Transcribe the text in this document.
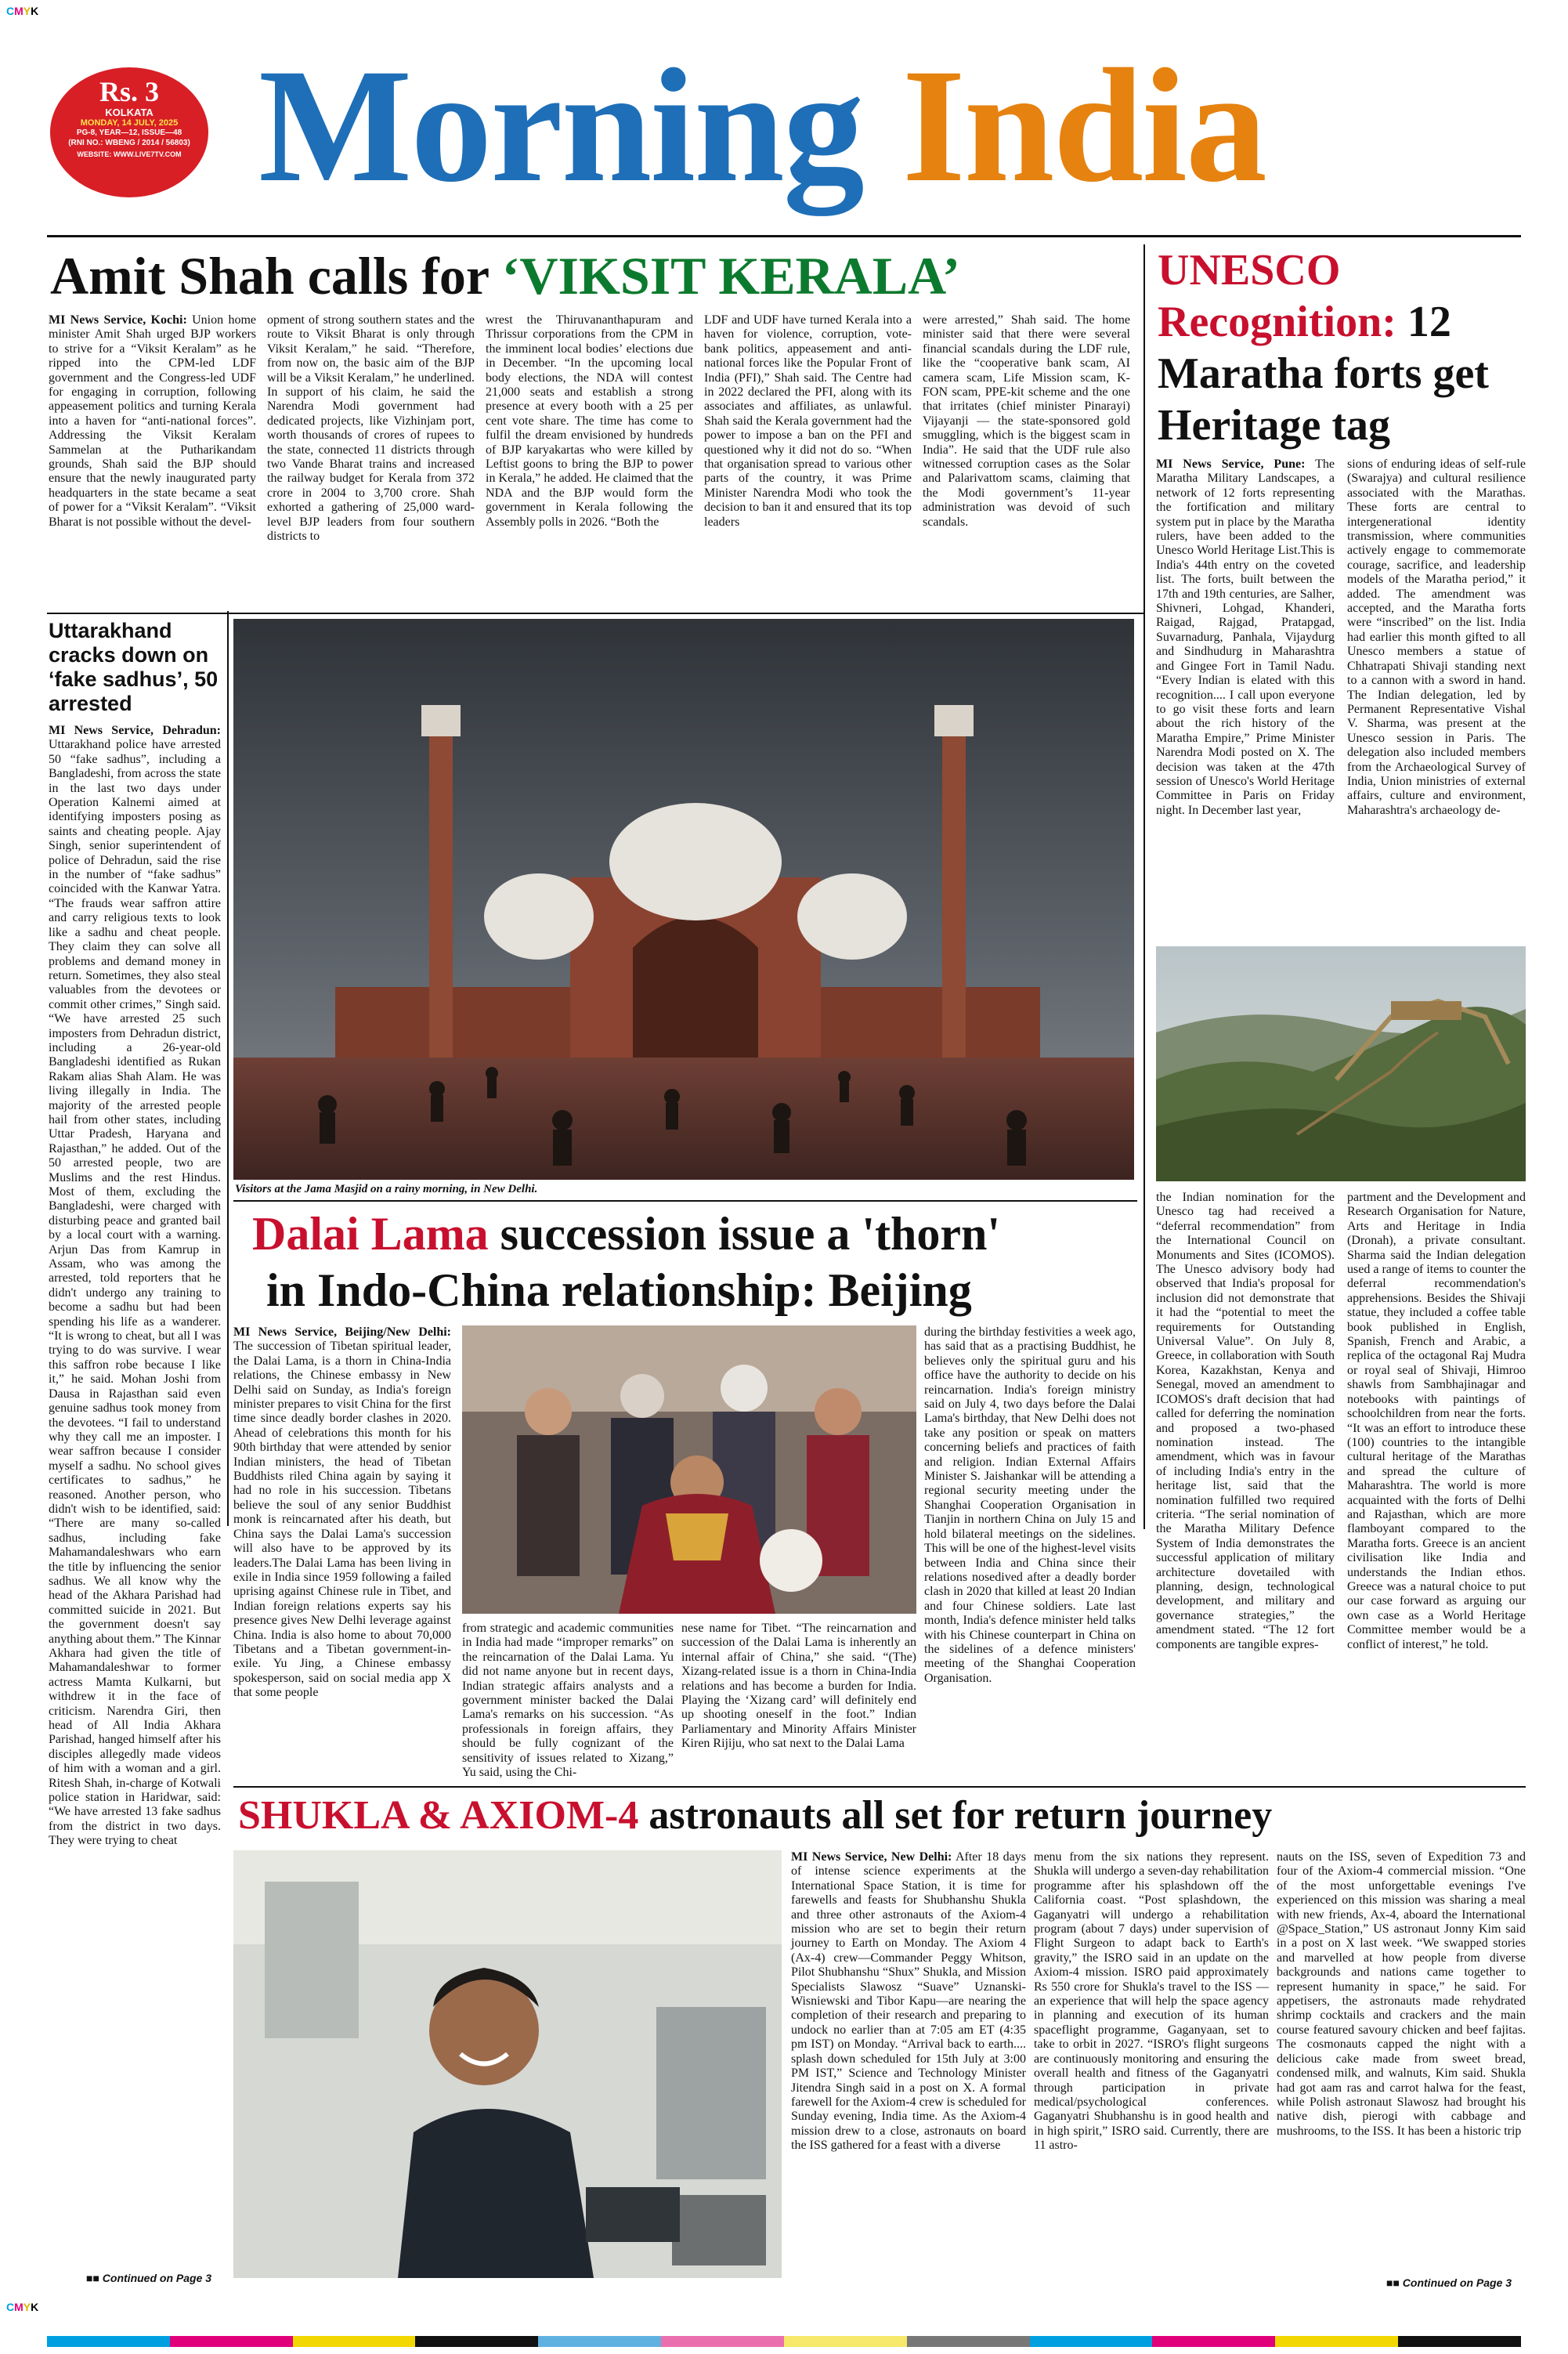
CMYK
CMYK
Rs. 3
KOLKATA
MONDAY, 14 JULY, 2025
PG-8, YEAR—12, ISSUE—48
(RNI NO.: WBENG / 2014 / 56803)
WEBSITE: WWW.LIVE7TV.COM Morning India
Amit Shah calls for ‘VIKSIT KERALA’
MI News Service, Kochi: Union home minister Amit Shah urged BJP workers to strive for a “Viksit Keralam” as he ripped into the CPM-led LDF government and the Congress-led UDF for engaging in corruption, following appeasement politics and turning Kerala into a haven for “anti-national forces”. Addressing the Viksit Keralam Sammelan at the Putharikandam grounds, Shah said the BJP should ensure that the newly inaugurated party headquarters in the state became a seat of power for a “Viksit Keralam”. “Viksit Bharat is not possible without the devel-
opment of strong southern states and the route to Viksit Bharat is only through Viksit Keralam,” he said. “Therefore, from now on, the basic aim of the BJP will be a Viksit Keralam,” he underlined. In support of his claim, he said the Narendra Modi government had dedicated projects, like Vizhinjam port, worth thousands of crores of rupees to the state, connected 11 districts through two Vande Bharat trains and increased the railway budget for Kerala from 372 crore in 2004 to 3,700 crore. Shah exhorted a gathering of 25,000 ward-level BJP leaders from four southern districts to
wrest the Thiruvananthapuram and Thrissur corporations from the CPM in the imminent local bodies’ elections due in December. “In the upcoming local body elections, the NDA will contest 21,000 seats and establish a strong presence at every booth with a 25 per cent vote share. The time has come to fulfil the dream envisioned by hundreds of BJP karyakartas who were killed by Leftist goons to bring the BJP to power in Kerala,” he added. He claimed that the NDA and the BJP would form the government in Kerala following the Assembly polls in 2026. “Both the
LDF and UDF have turned Kerala into a haven for violence, corruption, vote-bank politics, appeasement and anti-national forces like the Popular Front of India (PFI),” Shah said. The Centre had in 2022 declared the PFI, along with its associates and affiliates, as unlawful. Shah said the Kerala government had the power to impose a ban on the PFI and questioned why it did not do so. “When that organisation spread to various other parts of the country, it was Prime Minister Narendra Modi who took the decision to ban it and ensured that its top leaders
were arrested,” Shah said. The home minister said that there were several financial scandals during the LDF rule, like the “cooperative bank scam, AI camera scam, Life Mission scam, K-FON scam, PPE-kit scheme and the one that irritates (chief minister Pinarayi) Vijayanji — the state-sponsored gold smuggling, which is the biggest scam in India”. He said that the UDF rule also witnessed corruption cases as the Solar and Palarivattom scams, claiming that the Modi government’s 11-year administration was devoid of such scandals.
UNESCO Recognition: 12 Maratha forts get Heritage tag
MI News Service, Pune: The Maratha Military Landscapes, a network of 12 forts representing the fortification and military system put in place by the Maratha rulers, have been added to the Unesco World Heritage List.This is India's 44th entry on the coveted list. The forts, built between the 17th and 19th centuries, are Salher, Shivneri, Lohgad, Khanderi, Raigad, Rajgad, Pratapgad, Suvarnadurg, Panhala, Vijaydurg and Sindhudurg in Maharashtra and Gingee Fort in Tamil Nadu. “Every Indian is elated with this recognition.... I call upon everyone to go visit these forts and learn about the rich history of the Maratha Empire,” Prime Minister Narendra Modi posted on X. The decision was taken at the 47th session of Unesco's World Heritage Committee in Paris on Friday night. In December last year,
sions of enduring ideas of self-rule (Swarajya) and cultural resilience associated with the Marathas. These forts are central to intergenerational identity transmission, where communities actively engage to commemorate courage, sacrifice, and leadership models of the Maratha period,” it added. The amendment was accepted, and the Maratha forts were “inscribed” on the list. India had earlier this month gifted to all Unesco members a statue of Chhatrapati Shivaji standing next to a cannon with a sword in hand. The Indian delegation, led by Permanent Representative Vishal V. Sharma, was present at the Unesco session in Paris. The delegation also included members from the Archaeological Survey of India, Union ministries of external affairs, culture and environment, Maharashtra's archaeology de-
the Indian nomination for the Unesco tag had received a “deferral recommendation” from the International Council on Monuments and Sites (ICOMOS). The Unesco advisory body had observed that India's proposal for inclusion did not demonstrate that it had the “potential to meet the requirements for Outstanding Universal Value”. On July 8, Greece, in collaboration with South Korea, Kazakhstan, Kenya and Senegal, moved an amendment to ICOMOS's draft decision that had called for deferring the nomination and proposed a two-phased nomination instead. The amendment, which was in favour of including India's entry in the heritage list, said that the nomination fulfilled two required criteria. “The serial nomination of the Maratha Military Defence System of India demonstrates the successful application of military architecture dovetailed with planning, design, technological development, and military and governance strategies,” the amendment stated. “The 12 fort components are tangible expres-
partment and the Development and Research Organisation for Nature, Arts and Heritage in India (Dronah), a private consultant. Sharma said the Indian delegation used a range of items to counter the deferral recommendation's apprehensions. Besides the Shivaji statue, they included a coffee table book published in English, Spanish, French and Arabic, a replica of the octagonal Raj Mudra or royal seal of Shivaji, Himroo shawls from Sambhajinagar and notebooks with paintings of schoolchildren from near the forts. “It was an effort to introduce these (100) countries to the intangible cultural heritage of the Marathas and spread the culture of Maharashtra. The world is more acquainted with the forts of Delhi and Rajasthan, which are more flamboyant compared to the Maratha forts. Greece is an ancient civilisation like India and understands the Indian ethos. Greece was a natural choice to put our case forward as arguing our own case as a World Heritage Committee member would be a conflict of interest,” he told.
Uttarakhand cracks down on ‘fake sadhus’, 50 arrested
MI News Service, Dehradun: Uttarakhand police have arrested 50 “fake sadhus”, including a Bangladeshi, from across the state in the last two days under Operation Kalnemi aimed at identifying imposters posing as saints and cheating people. Ajay Singh, senior superintendent of police of Dehradun, said the rise in the number of “fake sadhus” coincided with the Kanwar Yatra. “The frauds wear saffron attire and carry religious texts to look like a sadhu and cheat people. They claim they can solve all problems and demand money in return. Sometimes, they also steal valuables from the devotees or commit other crimes,” Singh said. “We have arrested 25 such imposters from Dehradun district, including a 26-year-old Bangladeshi identified as Rukan Rakam alias Shah Alam. He was living illegally in India. The majority of the arrested people hail from other states, including Uttar Pradesh, Haryana and Rajasthan,” he added. Out of the 50 arrested people, two are Muslims and the rest Hindus. Most of them, excluding the Bangladeshi, were charged with disturbing peace and granted bail by a local court with a warning. Arjun Das from Kamrup in Assam, who was among the arrested, told reporters that he didn't undergo any training to become a sadhu but had been spending his life as a wanderer. “It is wrong to cheat, but all I was trying to do was survive. I wear this saffron robe because I like it,” he said. Mohan Joshi from Dausa in Rajasthan said even genuine sadhus took money from the devotees. “I fail to understand why they call me an imposter. I wear saffron because I consider myself a sadhu. No school gives certificates to sadhus,” he reasoned. Another person, who didn't wish to be identified, said: “There are many so-called sadhus, including fake Mahamandaleshwars who earn the title by influencing the senior sadhus. We all know why the head of the Akhara Parishad had committed suicide in 2021. But the government doesn't say anything about them.” The Kinnar Akhara had given the title of Mahamandaleshwar to former actress Mamta Kulkarni, but withdrew it in the face of criticism. Narendra Giri, then head of All India Akhara Parishad, hanged himself after his disciples allegedly made videos of him with a woman and a girl. Ritesh Shah, in-charge of Kotwali police station in Haridwar, said: “We have arrested 13 fake sadhus from the district in two days. They were trying to cheat
■■ Continued on Page 3
Visitors at the Jama Masjid on a rainy morning, in New Delhi.
Dalai Lama succession issue a 'thorn'
in Indo-China relationship: Beijing
MI News Service, Beijing/New Delhi: The succession of Tibetan spiritual leader, the Dalai Lama, is a thorn in China-India relations, the Chinese embassy in New Delhi said on Sunday, as India's foreign minister prepares to visit China for the first time since deadly border clashes in 2020. Ahead of celebrations this month for his 90th birthday that were attended by senior Indian ministers, the head of Tibetan Buddhists riled China again by saying it had no role in his succession. Tibetans believe the soul of any senior Buddhist monk is reincarnated after his death, but China says the Dalai Lama's succession will also have to be approved by its leaders.The Dalai Lama has been living in exile in India since 1959 following a failed uprising against Chinese rule in Tibet, and Indian foreign relations experts say his presence gives New Delhi leverage against China. India is also home to about 70,000 Tibetans and a Tibetan government-in-exile. Yu Jing, a Chinese embassy spokesperson, said on social media app X that some people
from strategic and academic communities in India had made “improper remarks” on the reincarnation of the Dalai Lama. Yu did not name anyone but in recent days, Indian strategic affairs analysts and a government minister backed the Dalai Lama's remarks on his succession. “As professionals in foreign affairs, they should be fully cognizant of the sensitivity of issues related to Xizang,” Yu said, using the Chi-
nese name for Tibet. “The reincarnation and succession of the Dalai Lama is inherently an internal affair of China,” she said. “(The) Xizang-related issue is a thorn in China-India relations and has become a burden for India. Playing the ‘Xizang card’ will definitely end up shooting oneself in the foot.” Indian Parliamentary and Minority Affairs Minister Kiren Rijiju, who sat next to the Dalai Lama
during the birthday festivities a week ago, has said that as a practising Buddhist, he believes only the spiritual guru and his office have the authority to decide on his reincarnation. India's foreign ministry said on July 4, two days before the Dalai Lama's birthday, that New Delhi does not take any position or speak on matters concerning beliefs and practices of faith and religion. Indian External Affairs Minister S. Jaishankar will be attending a regional security meeting under the Shanghai Cooperation Organisation in Tianjin in northern China on July 15 and hold bilateral meetings on the sidelines. This will be one of the highest-level visits between India and China since their relations nosedived after a deadly border clash in 2020 that killed at least 20 Indian and four Chinese soldiers. Late last month, India's defence minister held talks with his Chinese counterpart in China on the sidelines of a defence ministers' meeting of the Shanghai Cooperation Organisation.
SHUKLA & AXIOM-4 astronauts all set for return journey
MI News Service, New Delhi: After 18 days of intense science experiments at the International Space Station, it is time for farewells and feasts for Shubhanshu Shukla and three other astronauts of the Axiom-4 mission who are set to begin their return journey to Earth on Monday. The Axiom 4 (Ax-4) crew—Commander Peggy Whitson, Pilot Shubhanshu “Shux” Shukla, and Mission Specialists Slawosz “Suave” Uznanski-Wisniewski and Tibor Kapu—are nearing the completion of their research and preparing to undock no earlier than at 7:05 am ET (4:35 pm IST) on Monday. “Arrival back to earth.... splash down scheduled for 15th July at 3:00 PM IST,” Science and Technology Minister Jitendra Singh said in a post on X. A formal farewell for the Axiom-4 crew is scheduled for Sunday evening, India time. As the Axiom-4 mission drew to a close, astronauts on board the ISS gathered for a feast with a diverse
menu from the six nations they represent. Shukla will undergo a seven-day rehabilitation programme after his splashdown off the California coast. “Post splashdown, the Gaganyatri will undergo a rehabilitation program (about 7 days) under supervision of Flight Surgeon to adapt back to Earth's gravity,” the ISRO said in an update on the Axiom-4 mission. ISRO paid approximately Rs 550 crore for Shukla's travel to the ISS — an experience that will help the space agency in planning and execution of its human spaceflight programme, Gaganyaan, set to take to orbit in 2027. “ISRO's flight surgeons are continuously monitoring and ensuring the overall health and fitness of the Gaganyatri through participation in private medical/psychological conferences. Gaganyatri Shubhanshu is in good health and in high spirit,” ISRO said. Currently, there are 11 astro-
nauts on the ISS, seven of Expedition 73 and four of the Axiom-4 commercial mission. “One of the most unforgettable evenings I've experienced on this mission was sharing a meal with new friends, Ax-4, aboard the International @Space_Station,” US astronaut Jonny Kim said in a post on X last week. “We swapped stories and marvelled at how people from diverse backgrounds and nations came together to represent humanity in space,” he said. For appetisers, the astronauts made rehydrated shrimp cocktails and crackers and the main course featured savoury chicken and beef fajitas. The cosmonauts capped the night with a delicious cake made from sweet bread, condensed milk, and walnuts, Kim said. Shukla had got aam ras and carrot halwa for the feast, while Polish astronaut Slawosz had brought his native dish, pierogi with cabbage and mushrooms, to the ISS. It has been a historic trip
■■ Continued on Page 3
